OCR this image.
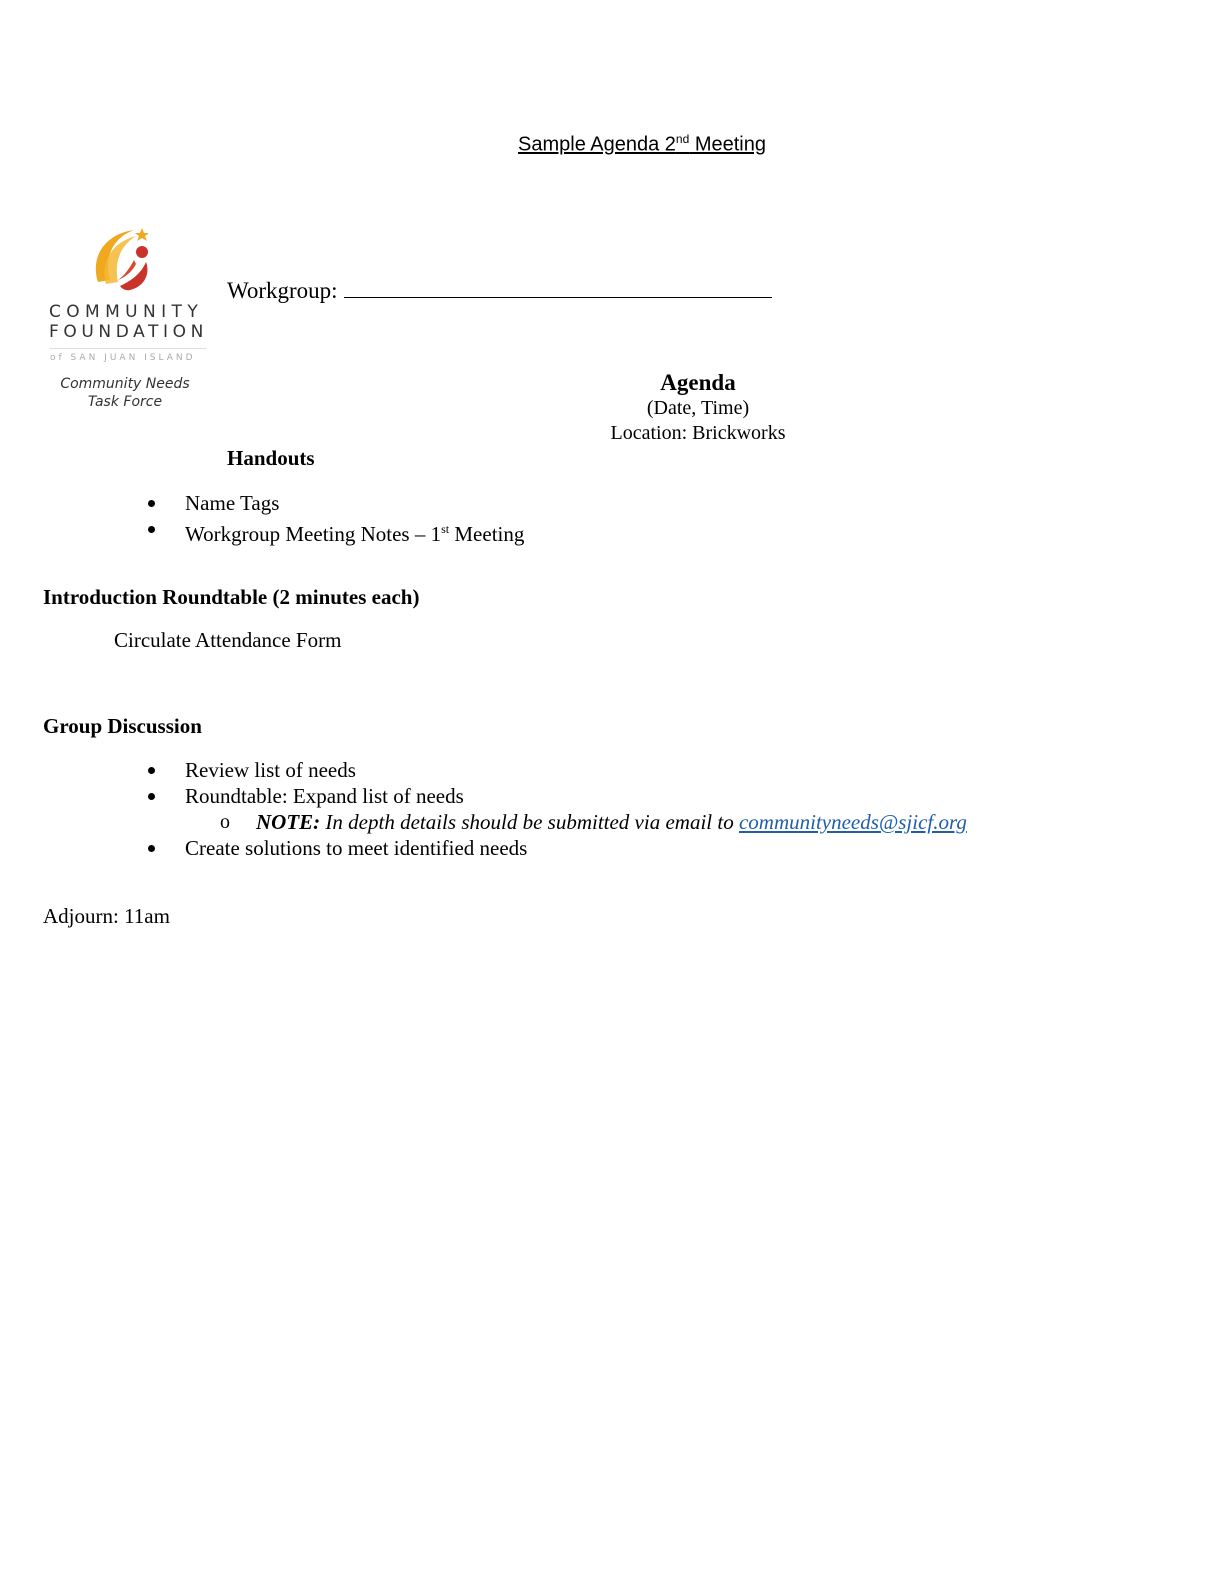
Sample Agenda 2nd Meeting
COMMUNITY
FOUNDATION
of SAN JUAN ISLAND
Community Needs
Task Force
Workgroup:
Agenda
(Date, Time)
Location: Brickworks
Handouts
Name Tags
Workgroup Meeting Notes – 1st Meeting
Introduction Roundtable (2 minutes each)
Circulate Attendance Form
Group Discussion
Review list of needs
Roundtable: Expand list of needs
o NOTE: In depth details should be submitted via email to communityneeds@sjicf.org
Create solutions to meet identified needs
Adjourn: 11am
